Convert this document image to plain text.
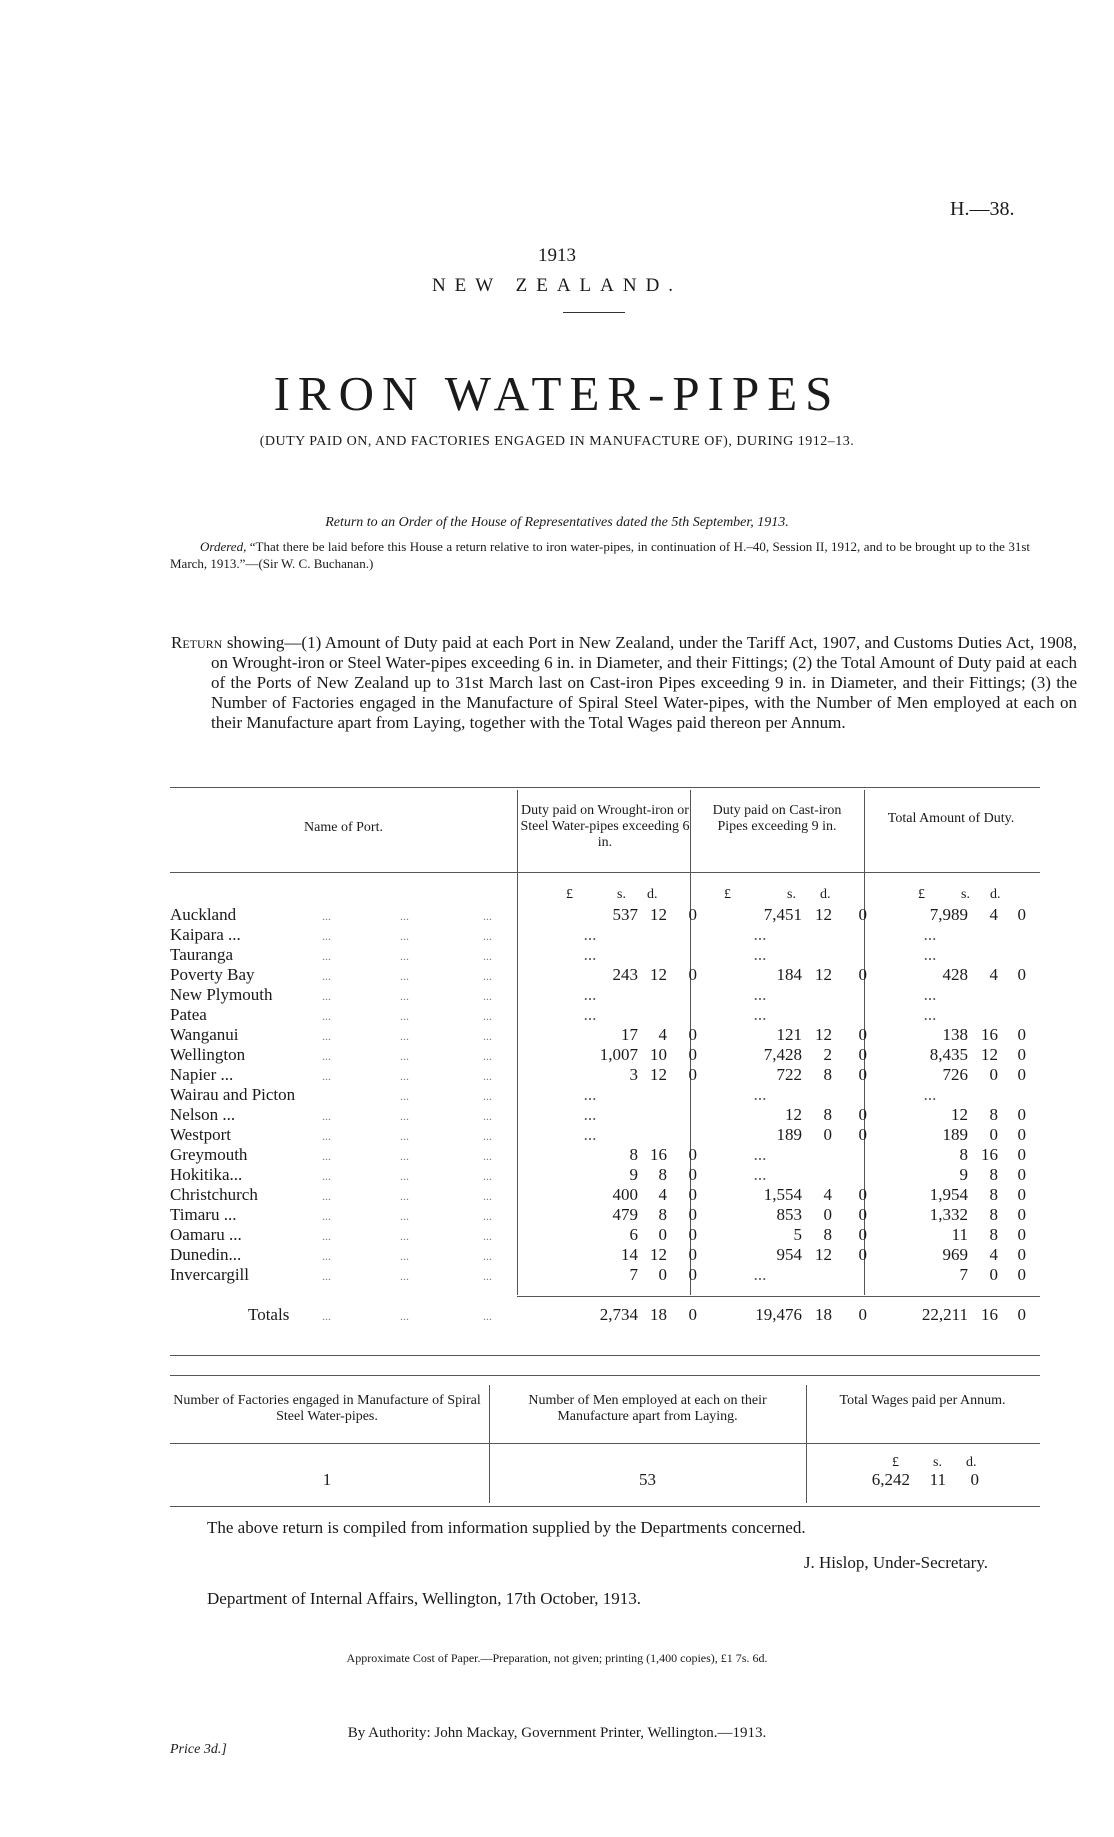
H.—38.
1913
NEW ZEALAND.
IRON WATER-PIPES
(DUTY PAID ON, AND FACTORIES ENGAGED IN MANUFACTURE OF), DURING 1912–13.
Return to an Order of the House of Representatives dated the 5th September, 1913.
Ordered, “That there be laid before this House a return relative to iron water-pipes, in continuation of H.–40, Session II, 1912, and to be brought up to the 31st March, 1913.”—(Sir W. C. Buchanan.)
Return showing—(1) Amount of Duty paid at each Port in New Zealand, under the Tariff Act, 1907, and Customs Duties Act, 1908, on Wrought-iron or Steel Water-pipes exceeding 6 in. in Diameter, and their Fittings; (2) the Total Amount of Duty paid at each of the Ports of New Zealand up to 31st March last on Cast-iron Pipes exceeding 9 in. in Diameter, and their Fittings; (3) the Number of Factories engaged in the Manufacture of Spiral Steel Water-pipes, with the Number of Men employed at each on their Manufacture apart from Laying, together with the Total Wages paid thereon per Annum.
Name of Port.
Duty paid on Wrought-iron or Steel Water-pipes exceeding 6 in.
Duty paid on Cast-iron Pipes exceeding 9 in.
Total Amount of Duty.
£	s. d.	£	s. d.	£	s. d.
Auckland	...	...	...	537 12	0	7,451 12	0	7,989	4	0
Kaipara ...	...	...	...	...	...	...
Tauranga	...	...	...	...	...	...
Poverty Bay	...	...	...	243 12	0	184 12	0	428	4	0
New Plymouth	...	...	...	...	...	...
Patea	...	...	...	...	...	...
Wanganui	...	...	...	17	4	0	121 12	0	138 16	0
Wellington	...	...	...	1,007 10	0	7,428	2	0	8,435 12	0
Napier ...	...	...	...	3 12	0	722	8	0	726	0	0
Wairau and Picton	...	...	...	...	...
Nelson ...	...	...	...	...	12	8	0	12	8	0
Westport	...	...	...	...	189	0	0	189	0	0
Greymouth	...	...	...	8 16	0	...	8 16	0
Hokitika...	...	...	...	9	8	0	...	9	8	0
Christchurch	...	...	...	400	4	0	1,554	4	0	1,954	8	0
Timaru ...	...	...	...	479	8	0	853	0	0	1,332	8	0
Oamaru ...	...	...	...	6	0	0	5	8	0	11	8	0
Dunedin...	...	...	...	14 12	0	954 12	0	969	4	0
Invercargill	...	...	...	7	0	0	...	7	0	0
Totals	...	...	...	2,734 18	0	19,476 18	0	22,211 16	0
Number of Factories engaged in Manufacture of Spiral Steel Water-pipes.
Number of Men employed at each on their Manufacture apart from Laying.
Total Wages paid per Annum.
£ s. d.
1	53	6,242	11	0
The above return is compiled from information supplied by the Departments concerned.
J. Hislop, Under-Secretary.
Department of Internal Affairs, Wellington, 17th October, 1913.
Approximate Cost of Paper.—Preparation, not given; printing (1,400 copies), £1 7s. 6d.
By Authority: John Mackay, Government Printer, Wellington.—1913.
Price 3d.]
